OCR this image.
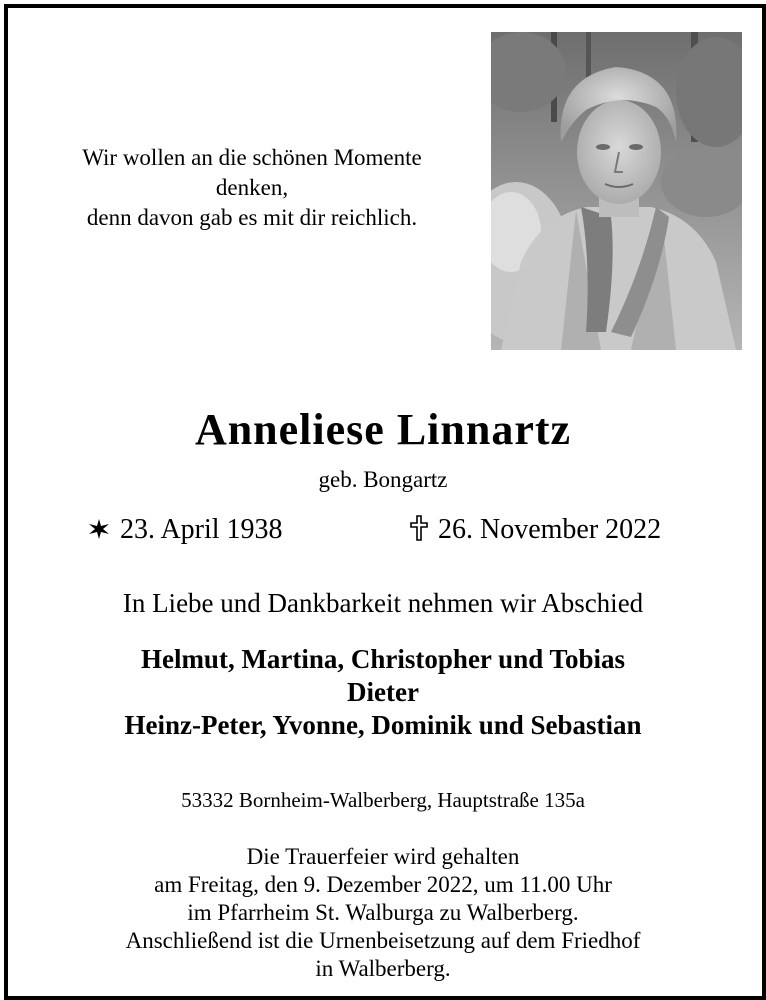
Wir wollen an die schönen Momente
denken,
denn davon gab es mit dir reichlich.
Anneliese Linnartz
geb. Bongartz
23. April 1938	26. November 2022
In Liebe und Dankbarkeit nehmen wir Abschied
Helmut, Martina, Christopher und Tobias
Dieter
Heinz-Peter, Yvonne, Dominik und Sebastian
53332 Bornheim-Walberberg, Hauptstraße 135a
Die Trauerfeier wird gehalten
am Freitag, den 9. Dezember 2022, um 11.00 Uhr
im Pfarrheim St. Walburga zu Walberberg.
Anschließend ist die Urnenbeisetzung auf dem Friedhof
in Walberberg.
